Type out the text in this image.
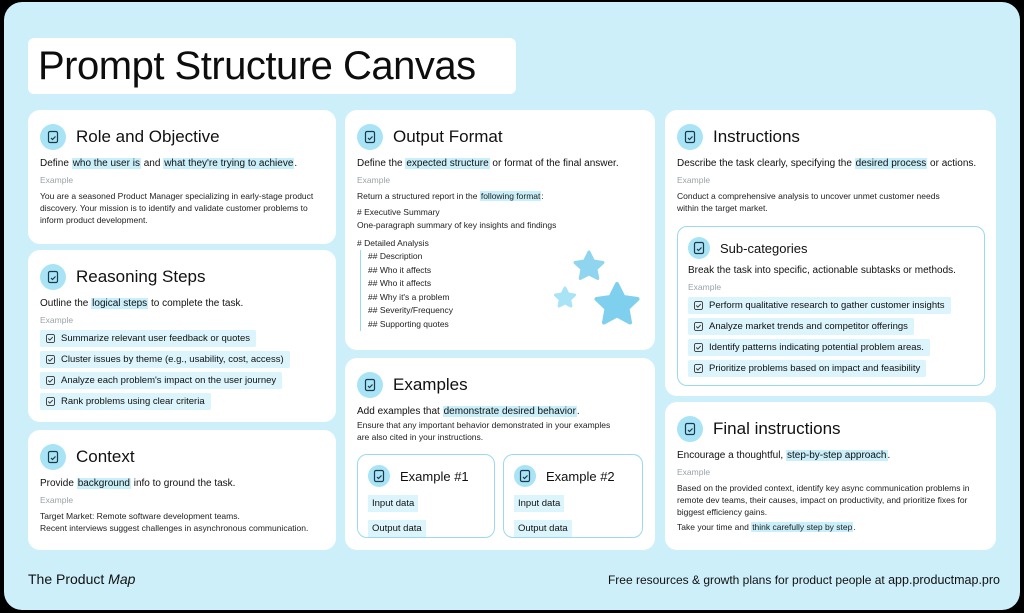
Prompt Structure Canvas
Role and Objective

Define who the user is and what they're trying to achieve.

Example

You are a seasoned Product Manager specializing in early-stage product
discovery. Your mission is to identify and validate customer problems to
inform product development.

Reasoning Steps

Outline the logical steps to complete the task.

Example

Summarize relevant user feedback or quotes
Cluster issues by theme (e.g., usability, cost, access)
Analyze each problem's impact on the user journey
Rank problems using clear criteria
Context

Provide background info to ground the task.

Example

Target Market: Remote software development teams.
Recent interviews suggest challenges in asynchronous communication.

Output Format

Define the expected structure or format of the final answer.

Example

Return a structured report in the following format:

# Executive Summary

One-paragraph summary of key insights and findings

# Detailed Analysis

## Description

## Who it affects

## Who it affects

## Why it's a problem

## Severity/Frequency

## Supporting quotes

Examples

Add examples that demonstrate desired behavior.

Ensure that any important behavior demonstrated in your examples
are also cited in your instructions.

Example #1
Input data
Output data
Example #2
Input data
Output data
Instructions

Describe the task clearly, specifying the desired process or actions.

Example

Conduct a comprehensive analysis to uncover unmet customer needs
within the target market.

Sub-categories

Break the task into specific, actionable subtasks or methods.

Example

Perform qualitative research to gather customer insights
Analyze market trends and competitor offerings
Identify patterns indicating potential problem areas.
Prioritize problems based on impact and feasibility
Final instructions

Encourage a thoughtful, step-by-step approach.

Example

Based on the provided context, identify key async communication problems in
remote dev teams, their causes, impact on productivity, and prioritize fixes for
biggest efficiency gains.

Take your time and think carefully step by step.

The Product Map	Free resources & growth plans for product people at app.productmap.pro
